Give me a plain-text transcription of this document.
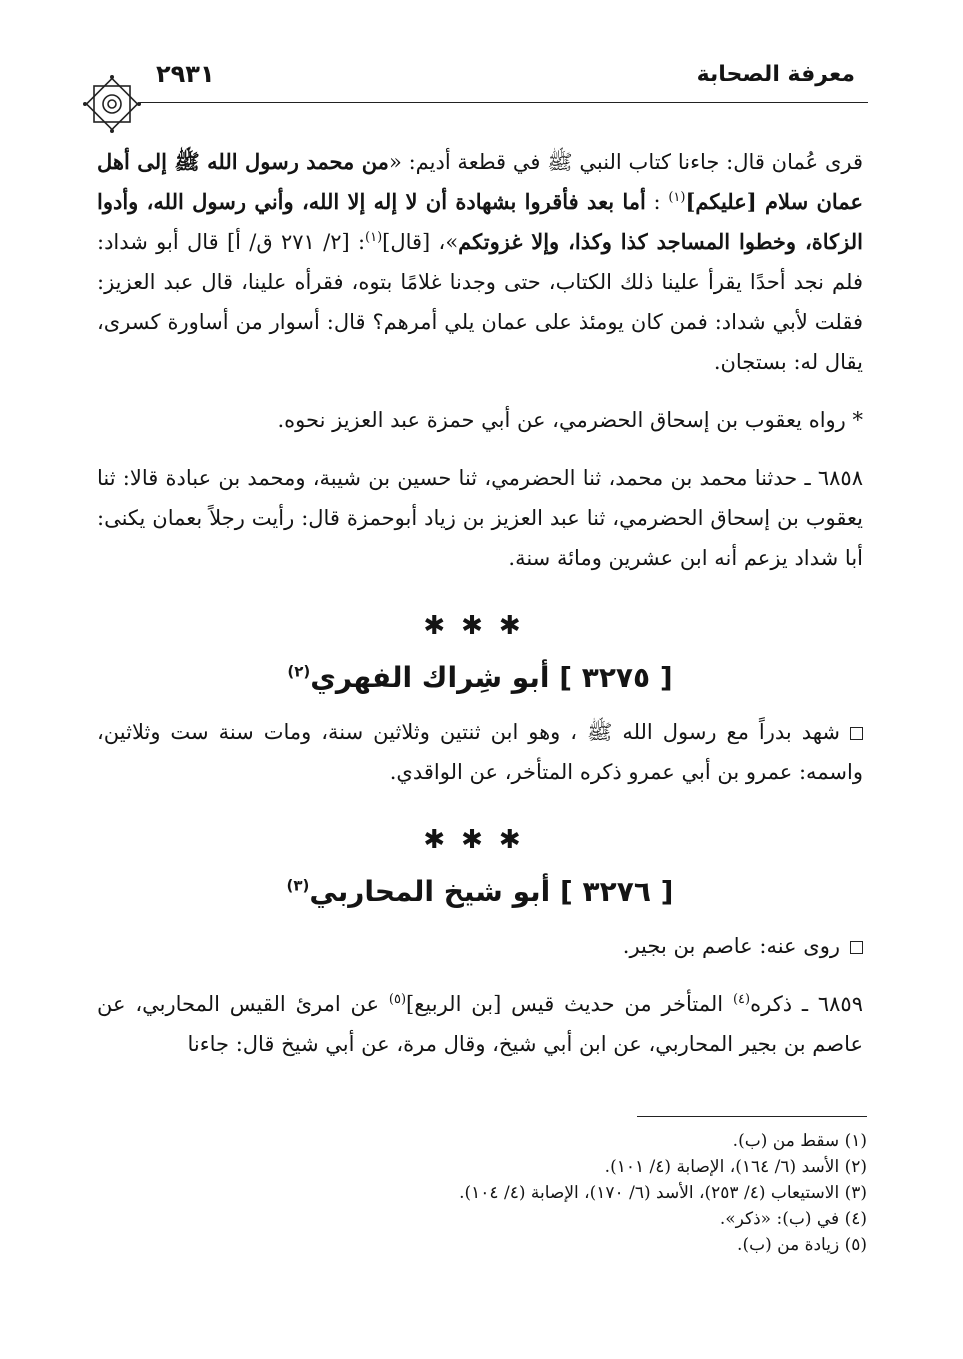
معرفة الصحابة
٢٩٣١

قرى عُمان قال: جاءنا كتاب النبي ﷺ في قطعة أديم: «من محمد رسول الله ﷺ إلى أهل عمان سلام [عليكم]$^{(١)}$ : أما بعد فأقروا بشهادة أن لا إله إلا الله، وأني رسول الله، وأدوا الزكاة، وخطوا المساجد كذا وكذا، وإلا غزوتكم»، [قال]$^{(١)}$: [٢/ ٢٧١ ق/ أ] قال أبو شداد: فلم نجد أحدًا يقرأ علينا ذلك الكتاب، حتى وجدنا غلامًا بتوه، فقرأه علينا، قال عبد العزيز: فقلت لأبي شداد: فمن كان يومئذ على عمان يلي أمرهم؟ قال: أسوار من أساورة كسرى، يقال له: بستجان.

* رواه يعقوب بن إسحاق الحضرمي، عن أبي حمزة عبد العزيز نحوه.

٦٨٥٨ ـ حدثنا محمد بن محمد، ثنا الحضرمي، ثنا حسين بن شيبة، ومحمد بن عبادة قالا: ثنا يعقوب بن إسحاق الحضرمي، ثنا عبد العزيز بن زياد أبوحمزة قال: رأيت رجلاً بعمان يكنى: أبا شداد يزعم أنه ابن عشرين ومائة سنة.

✱✱✱

[ ٣٢٧٥ ] أبو شِراك الفهري$^{(٢)}$

شهد بدراً مع رسول الله ﷺ ، وهو ابن ثنتين وثلاثين سنة، ومات سنة ست وثلاثين، واسمه: عمرو بن أبي عمرو ذكره المتأخر، عن الواقدي.

✱✱✱

[ ٣٢٧٦ ] أبو شيخ المحاربي$^{(٣)}$

روى عنه: عاصم بن بجير.

٦٨٥٩ ـ ذكره$^{(٤)}$ المتأخر من حديث قيس [بن الربيع]$^{(٥)}$ عن امرئ القيس المحاربي، عن عاصم بن بجير المحاربي، عن ابن أبي شيخ، وقال مرة، عن أبي شيخ قال: جاءنا

(١) سقط من (ب).

(٢) الأسد (٦/ ١٦٤)، الإصابة (٤/ ١٠١).

(٣) الاستيعاب (٤/ ٢٥٣)، الأسد (٦/ ١٧٠)، الإصابة (٤/ ١٠٤).

(٤) في (ب): «ذكر».

(٥) زيادة من (ب).
